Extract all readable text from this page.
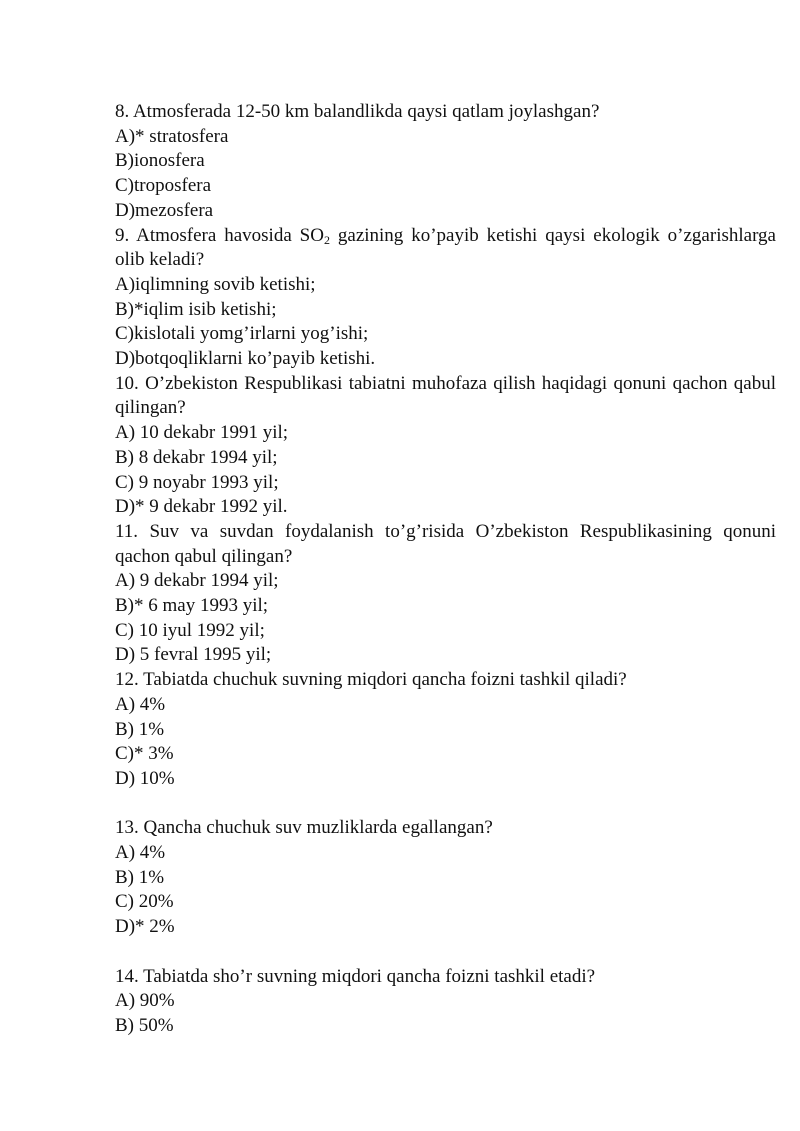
8. Atmosferada 12-50 km balandlikda qaysi qatlam joylashgan?

A)* stratosfera

B)ionosfera

C)troposfera

D)mezosfera

9. Atmosfera havosida $SO_2$ gazining ko’payib ketishi qaysi ekologik o’zgarishlarga olib keladi?

A)iqlimning sovib ketishi;

B)*iqlim isib ketishi;

C)kislotali yomg’irlarni yog’ishi;

D)botqoqliklarni ko’payib ketishi.

10. O’zbekiston Respublikasi tabiatni muhofaza qilish haqidagi qonuni qachon qabul qilingan?

A) 10 dekabr 1991 yil;

B) 8 dekabr 1994 yil;

C) 9 noyabr 1993 yil;

D)* 9 dekabr 1992 yil.

11. Suv va suvdan foydalanish to’g’risida O’zbekiston Respublikasining qonuni qachon qabul qilingan?

A) 9 dekabr 1994 yil;

B)* 6 may 1993 yil;

C) 10 iyul 1992 yil;

D) 5 fevral 1995 yil;

12. Tabiatda chuchuk suvning miqdori qancha foizni tashkil qiladi?

A) 4%

B) 1%

C)* 3%

D) 10%

13. Qancha chuchuk suv muzliklarda egallangan?

A) 4%

B) 1%

C) 20%

D)* 2%

14. Tabiatda sho’r suvning miqdori qancha foizni tashkil etadi?

A) 90%

B) 50%
